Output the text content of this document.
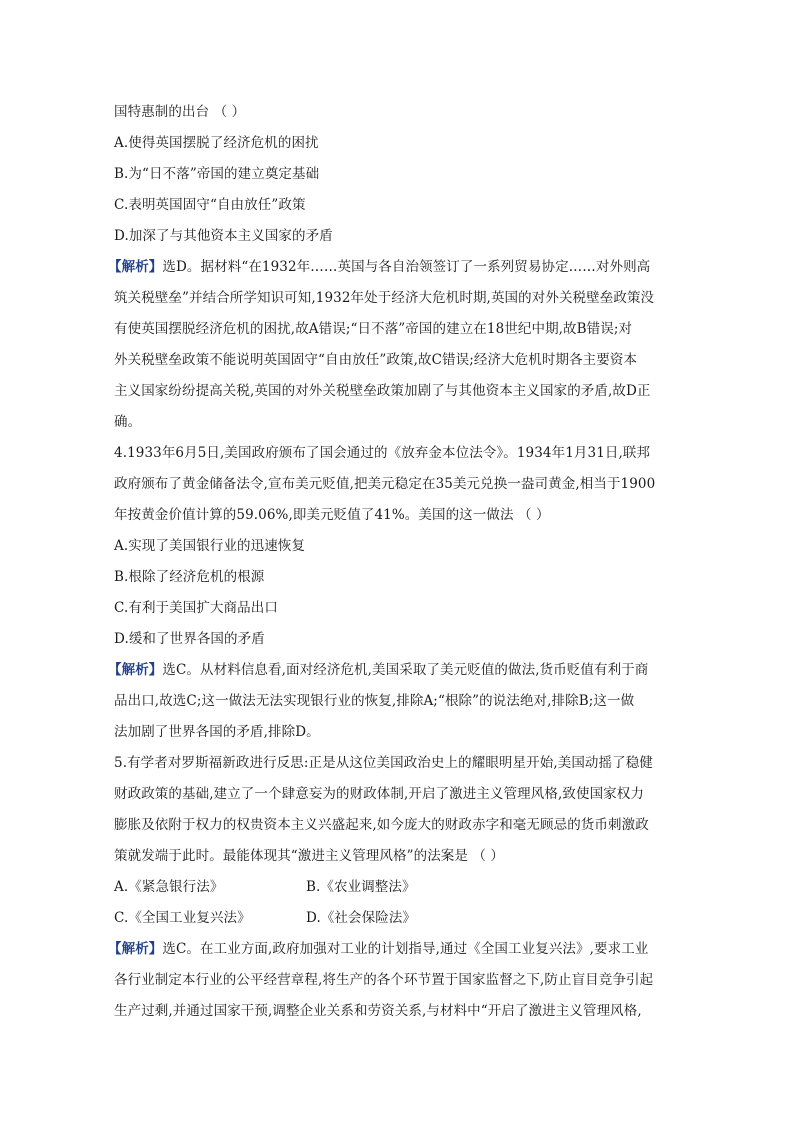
国特惠制的出台 （ ）
A.使得英国摆脱了经济危机的困扰
B.为“日不落”帝国的建立奠定基础
C.表明英国固守“自由放任”政策
D.加深了与其他资本主义国家的矛盾
【解析】选D。据材料“在1932年……英国与各自治领签订了一系列贸易协定……对外则高
筑关税壁垒”并结合所学知识可知,1932年处于经济大危机时期,英国的对外关税壁垒政策没
有使英国摆脱经济危机的困扰,故A错误;“日不落”帝国的建立在18世纪中期,故B错误;对
外关税壁垒政策不能说明英国固守“自由放任”政策,故C错误;经济大危机时期各主要资本
主义国家纷纷提高关税,英国的对外关税壁垒政策加剧了与其他资本主义国家的矛盾,故D正
确。
4.1933年6月5日,美国政府颁布了国会通过的《放弃金本位法令》。1934年1月31日,联邦
政府颁布了黄金储备法令,宣布美元贬值,把美元稳定在35美元兑换一盎司黄金,相当于1900
年按黄金价值计算的59.06%,即美元贬值了41%。美国的这一做法 （ ）
A.实现了美国银行业的迅速恢复
B.根除了经济危机的根源
C.有利于美国扩大商品出口
D.缓和了世界各国的矛盾
【解析】选C。从材料信息看,面对经济危机,美国采取了美元贬值的做法,货币贬值有利于商
品出口,故选C;这一做法无法实现银行业的恢复,排除A;“根除”的说法绝对,排除B;这一做
法加剧了世界各国的矛盾,排除D。
5.有学者对罗斯福新政进行反思:正是从这位美国政治史上的耀眼明星开始,美国动摇了稳健
财政政策的基础,建立了一个肆意妄为的财政体制,开启了激进主义管理风格,致使国家权力
膨胀及依附于权力的权贵资本主义兴盛起来,如今庞大的财政赤字和毫无顾忌的货币刺激政
策就发端于此时。最能体现其“激进主义管理风格”的法案是 （ ）
A.《紧急银行法》	B.《农业调整法》
C.《全国工业复兴法》	D.《社会保险法》
【解析】选C。在工业方面,政府加强对工业的计划指导,通过《全国工业复兴法》,要求工业
各行业制定本行业的公平经营章程,将生产的各个环节置于国家监督之下,防止盲目竞争引起
生产过剩,并通过国家干预,调整企业关系和劳资关系,与材料中“开启了激进主义管理风格,
